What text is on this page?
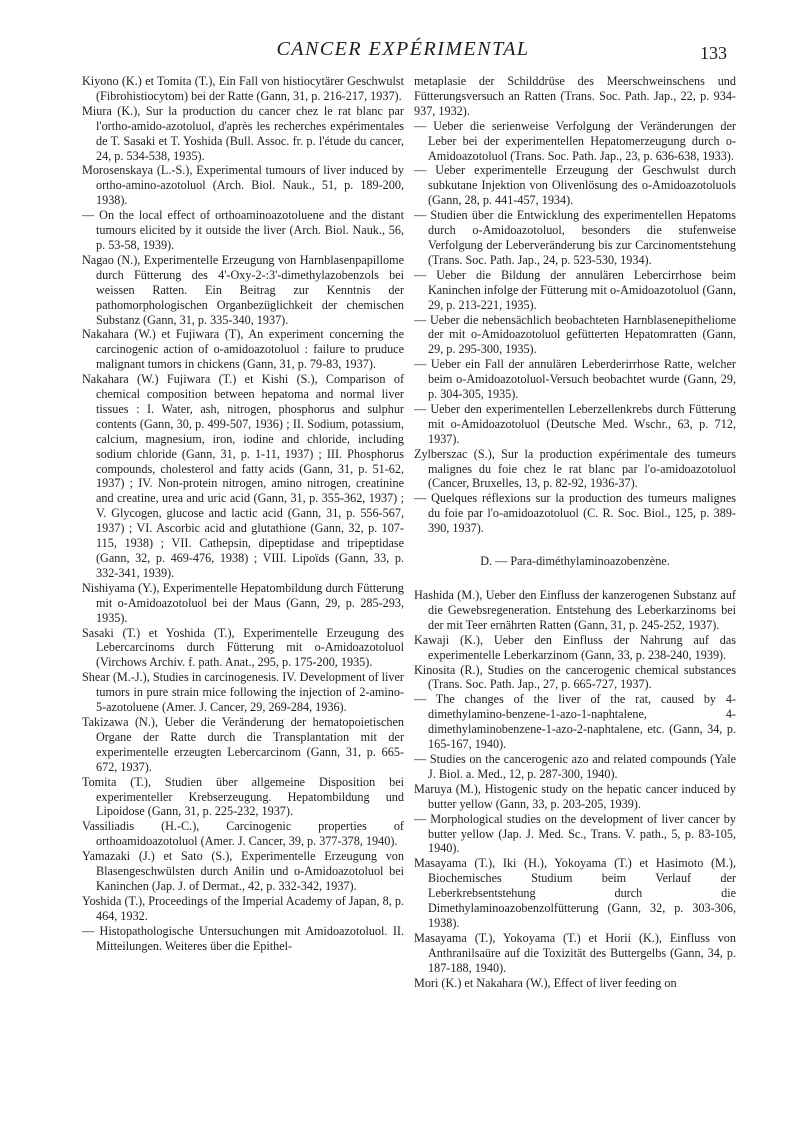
CANCER EXPÉRIMENTAL	133

Kiyono (K.) et Tomita (T.), Ein Fall von histiocytärer Geschwulst (Fibrohistiocytom) bei der Ratte (Gann, 31, p. 216-217, 1937).

Miura (K.), Sur la production du cancer chez le rat blanc par l'ortho-amido-azotoluol, d'après les recherches expérimentales de T. Sasaki et T. Yoshida (Bull. Assoc. fr. p. l'étude du cancer, 24, p. 534-538, 1935).

Morosenskaya (L.-S.), Experimental tumours of liver induced by ortho-amino-azotoluol (Arch. Biol. Nauk., 51, p. 189-200, 1938).

— On the local effect of orthoaminoazotoluene and the distant tumours elicited by it outside the liver (Arch. Biol. Nauk., 56, p. 53-58, 1939).

Nagao (N.), Experimentelle Erzeugung von Harnblasenpapillome durch Fütterung des 4'-Oxy-2-:3'-dimethylazobenzols bei weissen Ratten. Ein Beitrag zur Kenntnis der pathomorphologischen Organbezüglichkeit der chemischen Substanz (Gann, 31, p. 335-340, 1937).

Nakahara (W.) et Fujiwara (T), An experiment concerning the carcinogenic action of o-amidoazotoluol : failure to pruduce malignant tumors in chickens (Gann, 31, p. 79-83, 1937).

Nakahara (W.) Fujiwara (T.) et Kishi (S.), Comparison of chemical composition between hepatoma and normal liver tissues : I. Water, ash, nitrogen, phosphorus and sulphur contents (Gann, 30, p. 499-507, 1936) ; II. Sodium, potassium, calcium, magnesium, iron, iodine and chloride, including sodium chloride (Gann, 31, p. 1-11, 1937) ; III. Phosphorus compounds, cholesterol and fatty acids (Gann, 31, p. 51-62, 1937) ; IV. Non-protein nitrogen, amino nitrogen, creatinine and creatine, urea and uric acid (Gann, 31, p. 355-362, 1937) ; V. Glycogen, glucose and lactic acid (Gann, 31, p. 556-567, 1937) ; VI. Ascorbic acid and glutathione (Gann, 32, p. 107-115, 1938) ; VII. Cathepsin, dipeptidase and tripeptidase (Gann, 32, p. 469-476, 1938) ; VIII. Lipoïds (Gann, 33, p. 332-341, 1939).

Nishiyama (Y.), Experimentelle Hepatombildung durch Fütterung mit o-Amidoazotoluol bei der Maus (Gann, 29, p. 285-293, 1935).

Sasaki (T.) et Yoshida (T.), Experimentelle Erzeugung des Lebercarcinoms durch Fütterung mit o-Amidoazotoluol (Virchows Archiv. f. path. Anat., 295, p. 175-200, 1935).

Shear (M.-J.), Studies in carcinogenesis. IV. Development of liver tumors in pure strain mice following the injection of 2-amino-5-azotoluene (Amer. J. Cancer, 29, 269-284, 1936).

Takizawa (N.), Ueber die Veränderung der hematopoietischen Organe der Ratte durch die Transplantation mit der experimentelle erzeugten Lebercarcinom (Gann, 31, p. 665-672, 1937).

Tomita (T.), Studien über allgemeine Disposition bei experimenteller Krebserzeugung. Hepatombildung und Lipoidose (Gann, 31, p. 225-232, 1937).

Vassiliadis (H.-C.), Carcinogenic properties of orthoamidoazotoluol (Amer. J. Cancer, 39, p. 377-378, 1940).

Yamazaki (J.) et Sato (S.), Experimentelle Erzeugung von Blasengeschwülsten durch Anilin und o-Amidoazotoluol bei Kaninchen (Jap. J. of Dermat., 42, p. 332-342, 1937).

Yoshida (T.), Proceedings of the Imperial Academy of Japan, 8, p. 464, 1932.

— Histopathologische Untersuchungen mit Amidoazotoluol. II. Mitteilungen. Weiteres über die Epithel-

metaplasie der Schilddrüse des Meerschweinschens und Fütterungsversuch an Ratten (Trans. Soc. Path. Jap., 22, p. 934-937, 1932).

— Ueber die serienweise Verfolgung der Veränderungen der Leber bei der experimentellen Hepatomerzeugung durch o-Amidoazotoluol (Trans. Soc. Path. Jap., 23, p. 636-638, 1933).

— Ueber experimentelle Erzeugung der Geschwulst durch subkutane Injektion von Olivenlösung des o-Amidoazotoluols (Gann, 28, p. 441-457, 1934).

— Studien über die Entwicklung des experimentellen Hepatoms durch o-Amidoazotoluol, besonders die stufenweise Verfolgung der Leberveränderung bis zur Carcinomentstehung (Trans. Soc. Path. Jap., 24, p. 523-530, 1934).

— Ueber die Bildung der annulären Lebercirrhose beim Kaninchen infolge der Fütterung mit o-Amidoazotoluol (Gann, 29, p. 213-221, 1935).

— Ueber die nebensächlich beobachteten Harnblasenepitheliome der mit o-Amidoazotoluol gefütterten Hepatomratten (Gann, 29, p. 295-300, 1935).

— Ueber ein Fall der annulären Leberderirrhose Ratte, welcher beim o-Amidoazotoluol-Versuch beobachtet wurde (Gann, 29, p. 304-305, 1935).

— Ueber den experimentellen Leberzellenkrebs durch Fütterung mit o-Amidoazotoluol (Deutsche Med. Wschr., 63, p. 712, 1937).

Zylberszac (S.), Sur la production expérimentale des tumeurs malignes du foie chez le rat blanc par l'o-amidoazotoluol (Cancer, Bruxelles, 13, p. 82-92, 1936-37).

— Quelques réflexions sur la production des tumeurs malignes du foie par l'o-amidoazotoluol (C. R. Soc. Biol., 125, p. 389-390, 1937).

D. — Para-diméthylaminoazobenzène.

Hashida (M.), Ueber den Einfluss der kanzerogenen Substanz auf die Gewebsregeneration. Entstehung des Leberkarzinoms bei der mit Teer ernährten Ratten (Gann, 31, p. 245-252, 1937).

Kawaji (K.), Ueber den Einfluss der Nahrung auf das experimentelle Leberkarzinom (Gann, 33, p. 238-240, 1939).

Kinosita (R.), Studies on the cancerogenic chemical substances (Trans. Soc. Path. Jap., 27, p. 665-727, 1937).

— The changes of the liver of the rat, caused by 4-dimethylamino-benzene-1-azo-1-naphtalene, 4-dimethylaminobenzene-1-azo-2-naphtalene, etc. (Gann, 34, p. 165-167, 1940).

— Studies on the cancerogenic azo and related compounds (Yale J. Biol. a. Med., 12, p. 287-300, 1940).

Maruya (M.), Histogenic study on the hepatic cancer induced by butter yellow (Gann, 33, p. 203-205, 1939).

— Morphological studies on the development of liver cancer by butter yellow (Jap. J. Med. Sc., Trans. V. path., 5, p. 83-105, 1940).

Masayama (T.), Iki (H.), Yokoyama (T.) et Hasimoto (M.), Biochemisches Studium beim Verlauf der Leberkrebsentstehung durch die Dimethylaminoazobenzolfütterung (Gann, 32, p. 303-306, 1938).

Masayama (T.), Yokoyama (T.) et Horii (K.), Einfluss von Anthranilsaüre auf die Toxizität des Buttergelbs (Gann, 34, p. 187-188, 1940).

Mori (K.) et Nakahara (W.), Effect of liver feeding on
